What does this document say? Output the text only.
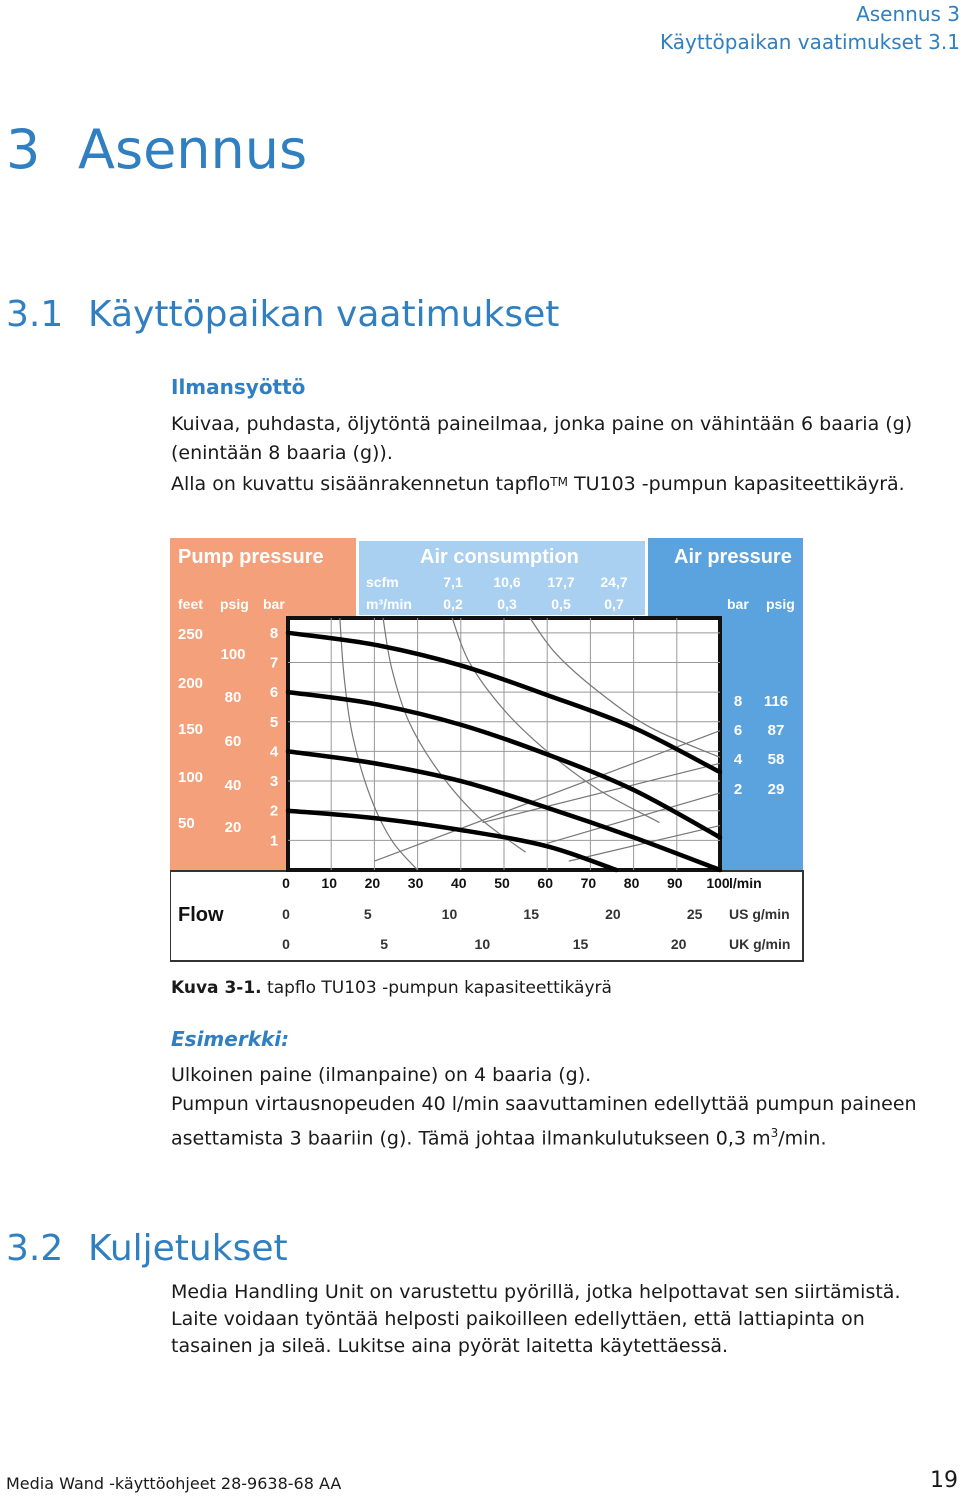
Asennus 3
Käyttöpaikan vaatimukset 3.1
3 Asennus
3.1 Käyttöpaikan vaatimukset
Ilmansyöttö

Kuivaa, puhdasta, öljytöntä paineilmaa, jonka paine on vähintään 6 baaria (g) (enintään 8 baaria (g)).

Alla on kuvattu sisäänrakennetun tapflo™ TU103 -pumpun kapasiteettikäyrä.

Pump pressure	Air consumption	Air pressure
Flow
feet psig bar
scfm
m³/min	bar psig
250
200
150
100
50
100
80
60
40
20
8
7
6
5
4
3
2
1
7,1 10,6 17,7 24,7
0,2 0,3 0,5 0,7
8
6
4
2
116
87
58
29
0 10 20 30 40 50 60 70 80 90 100 l/min
0	5	10	15	20	25 US g/min
0	5	10	15	20	UK g/min
Kuva 3-1. tapflo TU103 -pumpun kapasiteettikäyrä
Esimerkki:

Ulkoinen paine (ilmanpaine) on 4 baaria (g).

Pumpun virtausnopeuden 40 l/min saavuttaminen edellyttää pumpun paineen asettamista 3 baariin (g). Tämä johtaa ilmankulutukseen 0,3 $m^3/\min$.

3.2 Kuljetukset
Media Handling Unit on varustettu pyörillä, jotka helpottavat sen siirtämistä. Laite voidaan työntää helposti paikoilleen edellyttäen, että lattiapinta on tasainen ja sileä. Lukitse aina pyörät laitetta käytettäessä.
Media Wand -käyttöohjeet 28-9638-68 AA	19
